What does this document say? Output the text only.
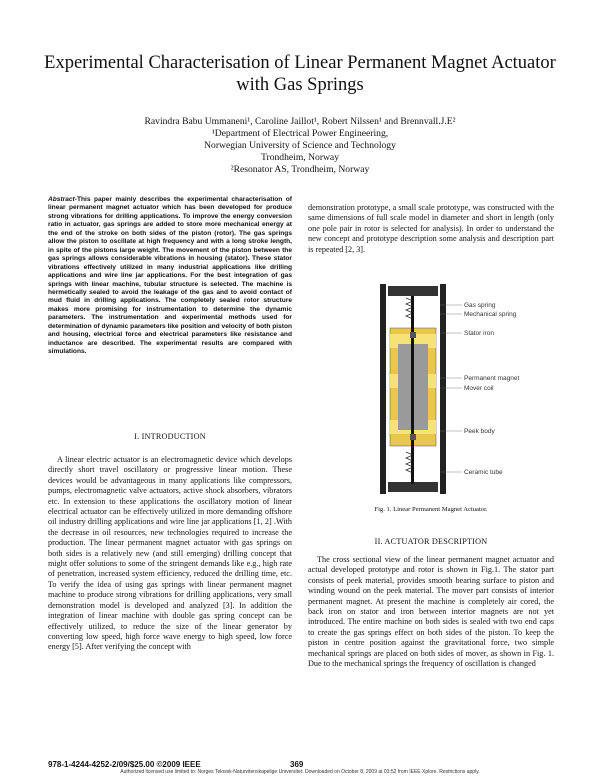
Experimental Characterisation of Linear Permanent Magnet Actuator
with Gas Springs
Ravindra Babu Ummaneni¹, Caroline Jaillot¹, Robert Nilssen¹ and Brennvall.J.E²
¹Department of Electrical Power Engineering,
Norwegian University of Science and Technology
Trondheim, Norway
²Resonator AS, Trondheim, Norway
Abstract-This paper mainly describes the experimental characterisation of linear permanent magnet actuator which has been developed for produce strong vibrations for drilling applications. To improve the energy conversion ratio in actuator, gas springs are added to store more mechanical energy at the end of the stroke on both sides of the piston (rotor). The gas springs allow the piston to oscillate at high frequency and with a long stroke length, in spite of the pistons large weight. The movement of the piston between the gas springs allows considerable vibrations in housing (stator). These stator vibrations effectively utilized in many industrial applications like drilling applications and wire line jar applications. For the best integration of gas springs with linear machine, tubular structure is selected. The machine is hermetically sealed to avoid the leakage of the gas and to avoid contact of mud fluid in drilling applications. The completely sealed rotor structure makes more promising for instrumentation to determine the dynamic parameters. The instrumentation and experimental methods used for determination of dynamic parameters like position and velocity of both piston and housing, electrical force and electrical parameters like resistance and inductance are described. The experimental results are compared with simulations.
I. INTRODUCTION

A linear electric actuator is an electromagnetic device which develops directly short travel oscillatory or progressive linear motion. These devices would be advantageous in many applications like compressors, pumps, electromagnetic valve actuators, active shock absorbers, vibrators etc. In extension to these applications the oscillatory motion of linear electrical actuator can be effectively utilized in more demanding offshore oil industry drilling applications and wire line jar applications [1, 2] .With the decrease in oil resources, new technologies required to increase the production. The linear permanent magnet actuator with gas springs on both sides is a relatively new (and still emerging) drilling concept that might offer solutions to some of the stringent demands like e.g., high rate of penetration, increased system efficiency, reduced the drilling time, etc. To verify the idea of using gas springs with linear permanent magnet machine to produce strong vibrations for drilling applications, very small demonstration model is developed and analyzed [3]. In addition the integration of linear machine with double gas spring concept can be effectively utilized, to reduce the size of the linear generator by converting low speed, high force wave energy to high speed, low force energy [5]. After verifying the concept with

demonstration prototype, a small scale prototype, was constructed with the same dimensions of full scale model in diameter and short in length (only one pole pair in rotor is selected for analysis). In order to understand the new concept and prototype description some analysis and description part is repeated [2, 3].

Gas spring
Mechanical spring
Stator iron
Permanent magnet
Mover coil
Peek body
Ceramic tube
Fig. 1. Linear Permanent Magnet Actuator.
II. ACTUATOR DESCRIPTION

The cross sectional view of the linear permanent magnet actuator and actual developed prototype and rotor is shown in Fig.1. The stator part consists of peek material, provides smooth bearing surface to piston and winding wound on the peek material. The mover part consists of interior permanent magnet. At present the machine is completely air cored, the back iron on stator and iron between interior magnets are not yet introduced. The entire machine on both sides is sealed with two end caps to create the gas springs effect on both sides of the piston. To keep the piston in centre position against the gravitational force, two simple mechanical springs are placed on both sides of mover, as shown in Fig. 1. Due to the mechanical springs the frequency of oscillation is changed

978-1-4244-4252-2/09/$25.00 ©2009 IEEE	369
Authorized licensed use limited to: Norges Teknisk-Naturvitenskapelige Universitet. Downloaded on October 8, 2009 at 03:52 from IEEE Xplore. Restrictions apply.
